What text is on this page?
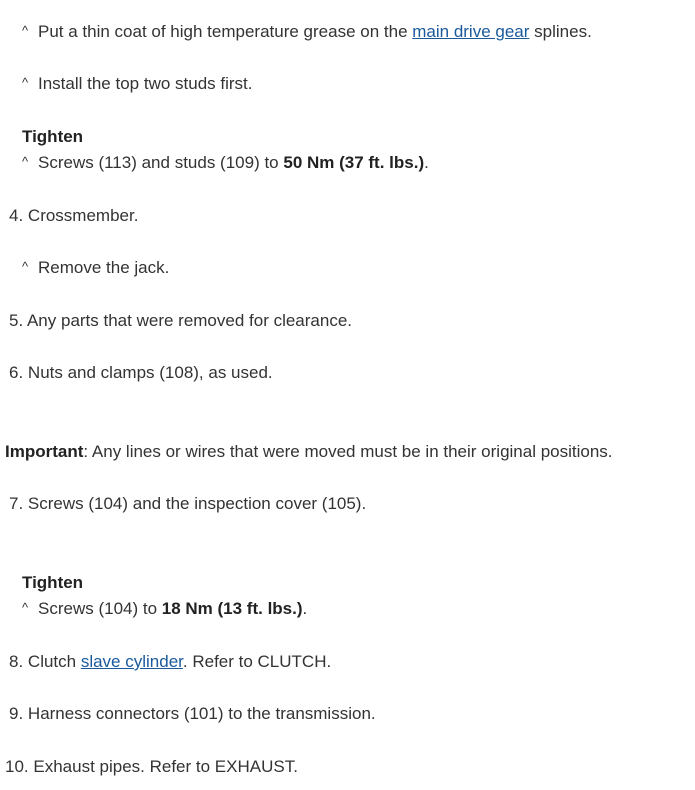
^ Put a thin coat of high temperature grease on the main drive gear splines.
^ Install the top two studs first.
Tighten
^ Screws (113) and studs (109) to 50 Nm (37 ft. lbs.).
4. Crossmember.
^ Remove the jack.
5. Any parts that were removed for clearance.
6. Nuts and clamps (108), as used.
Important: Any lines or wires that were moved must be in their original positions.
7. Screws (104) and the inspection cover (105).
Tighten
^ Screws (104) to 18 Nm (13 ft. lbs.).
8. Clutch slave cylinder. Refer to CLUTCH.
9. Harness connectors (101) to the transmission.
10. Exhaust pipes. Refer to EXHAUST.
